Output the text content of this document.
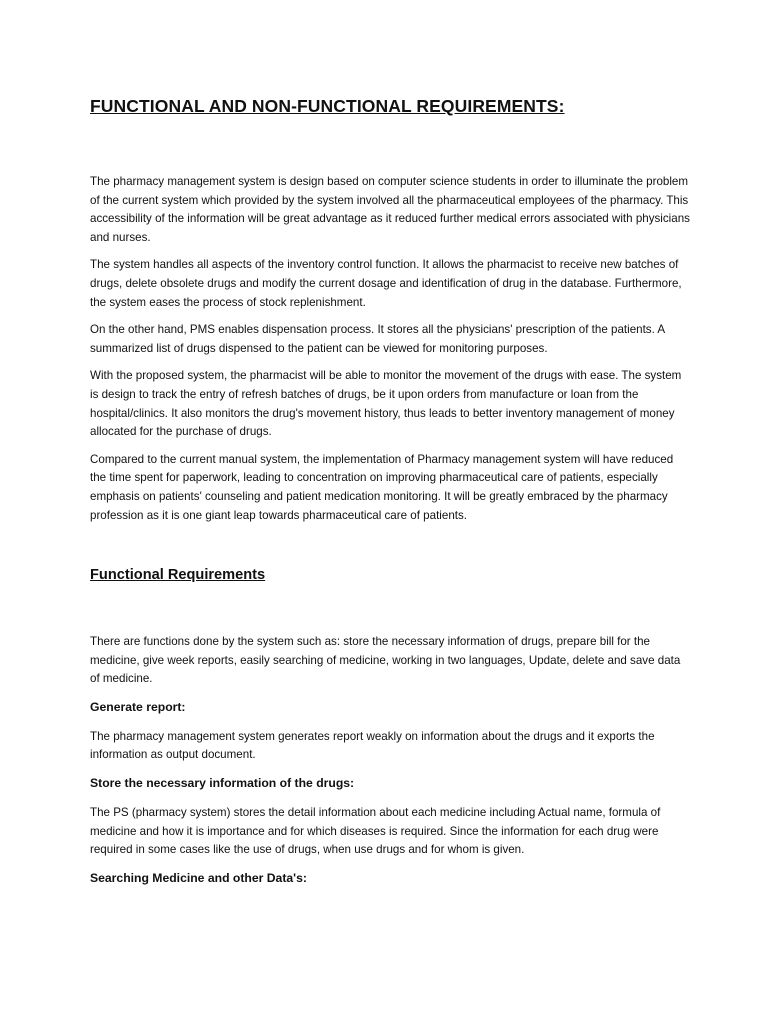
FUNCTIONAL AND NON-FUNCTIONAL REQUIREMENTS:

The pharmacy management system is design based on computer science students in order to illuminate the problem of the current system which provided by the system involved all the pharmaceutical employees of the pharmacy. This accessibility of the information will be great advantage as it reduced further medical errors associated with physicians and nurses.

The system handles all aspects of the inventory control function. It allows the pharmacist to receive new batches of drugs, delete obsolete drugs and modify the current dosage and identification of drug in the database. Furthermore, the system eases the process of stock replenishment.

On the other hand, PMS enables dispensation process. It stores all the physicians' prescription of the patients. A summarized list of drugs dispensed to the patient can be viewed for monitoring purposes.

With the proposed system, the pharmacist will be able to monitor the movement of the drugs with ease. The system is design to track the entry of refresh batches of drugs, be it upon orders from manufacture or loan from the hospital/clinics. It also monitors the drug's movement history, thus leads to better inventory management of money allocated for the purchase of drugs.

Compared to the current manual system, the implementation of Pharmacy management system will have reduced the time spent for paperwork, leading to concentration on improving pharmaceutical care of patients, especially emphasis on patients' counseling and patient medication monitoring. It will be greatly embraced by the pharmacy profession as it is one giant leap towards pharmaceutical care of patients.

Functional Requirements

There are functions done by the system such as: store the necessary information of drugs, prepare bill for the medicine, give week reports, easily searching of medicine, working in two languages, Update, delete and save data of medicine.

Generate report:

The pharmacy management system generates report weakly on information about the drugs and it exports the information as output document.

Store the necessary information of the drugs:

The PS (pharmacy system) stores the detail information about each medicine including Actual name, formula of medicine and how it is importance and for which diseases is required. Since the information for each drug were required in some cases like the use of drugs, when use drugs and for whom is given.

Searching Medicine and other Data's:
